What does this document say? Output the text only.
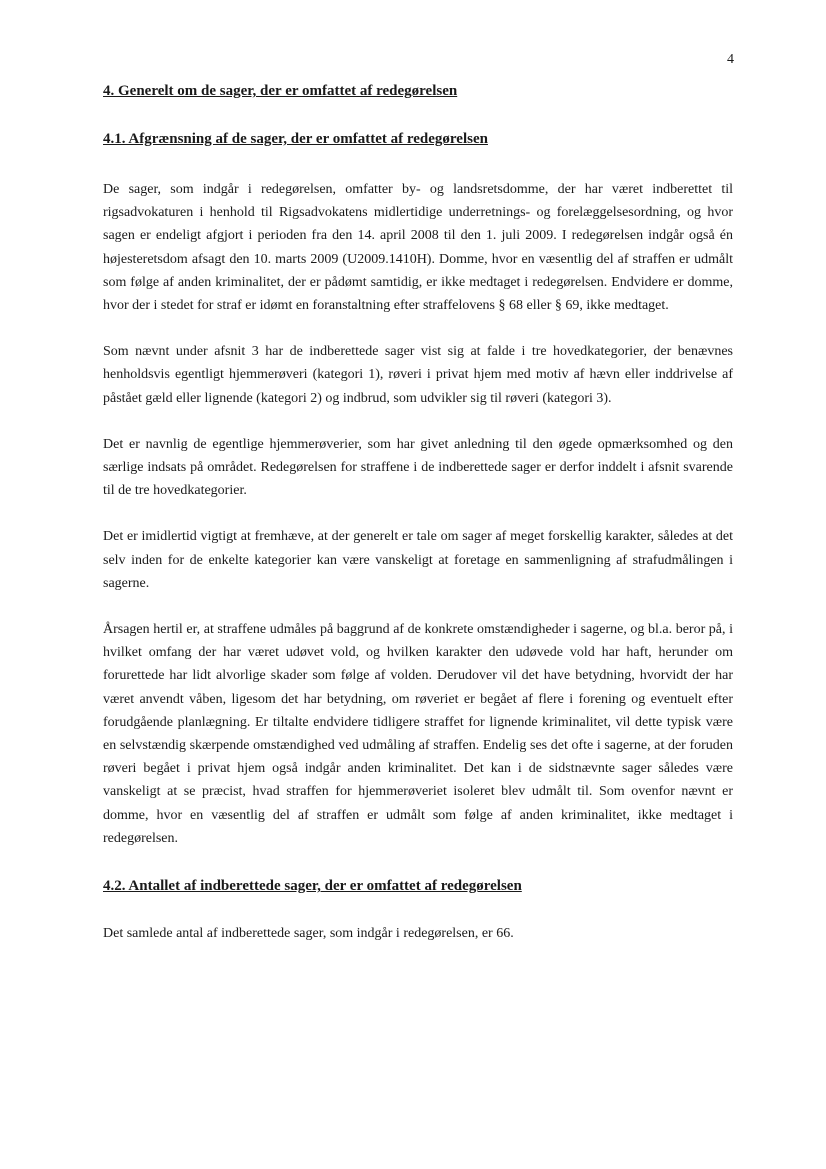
4

4. Generelt om de sager, der er omfattet af redegørelsen
4.1. Afgrænsning af de sager, der er omfattet af redegørelsen

De sager, som indgår i redegørelsen, omfatter by- og landsretsdomme, der har været indberettet til rigsadvokaturen i henhold til Rigsadvokatens midlertidige underretnings- og forelæggelsesordning, og hvor sagen er endeligt afgjort i perioden fra den 14. april 2008 til den 1. juli 2009. I redegørelsen indgår også én højesteretsdom afsagt den 10. marts 2009 (U2009.1410H). Domme, hvor en væsentlig del af straffen er udmålt som følge af anden kriminalitet, der er pådømt samtidig, er ikke medtaget i redegørelsen. Endvidere er domme, hvor der i stedet for straf er idømt en foranstaltning efter straffelovens § 68 eller § 69, ikke medtaget.

Som nævnt under afsnit 3 har de indberettede sager vist sig at falde i tre hovedkategorier, der benævnes henholdsvis egentligt hjemmerøveri (kategori 1), røveri i privat hjem med motiv af hævn eller inddrivelse af påstået gæld eller lignende (kategori 2) og indbrud, som udvikler sig til røveri (kategori 3).

Det er navnlig de egentlige hjemmerøverier, som har givet anledning til den øgede opmærksomhed og den særlige indsats på området. Redegørelsen for straffene i de indberettede sager er derfor inddelt i afsnit svarende til de tre hovedkategorier.

Det er imidlertid vigtigt at fremhæve, at der generelt er tale om sager af meget forskellig karakter, således at det selv inden for de enkelte kategorier kan være vanskeligt at foretage en sammenligning af strafudmålingen i sagerne.

Årsagen hertil er, at straffene udmåles på baggrund af de konkrete omstændigheder i sagerne, og bl.a. beror på, i hvilket omfang der har været udøvet vold, og hvilken karakter den udøvede vold har haft, herunder om forurettede har lidt alvorlige skader som følge af volden. Derudover vil det have betydning, hvorvidt der har været anvendt våben, ligesom det har betydning, om røveriet er begået af flere i forening og eventuelt efter forudgående planlægning. Er tiltalte endvidere tidligere straffet for lignende kriminalitet, vil dette typisk være en selvstændig skærpende omstændighed ved udmåling af straffen. Endelig ses det ofte i sagerne, at der foruden røveri begået i privat hjem også indgår anden kriminalitet. Det kan i de sidstnævnte sager således være vanskeligt at se præcist, hvad straffen for hjemmerøveriet isoleret blev udmålt til. Som ovenfor nævnt er domme, hvor en væsentlig del af straffen er udmålt som følge af anden kriminalitet, ikke medtaget i redegørelsen.

4.2. Antallet af indberettede sager, der er omfattet af redegørelsen

Det samlede antal af indberettede sager, som indgår i redegørelsen, er 66.
